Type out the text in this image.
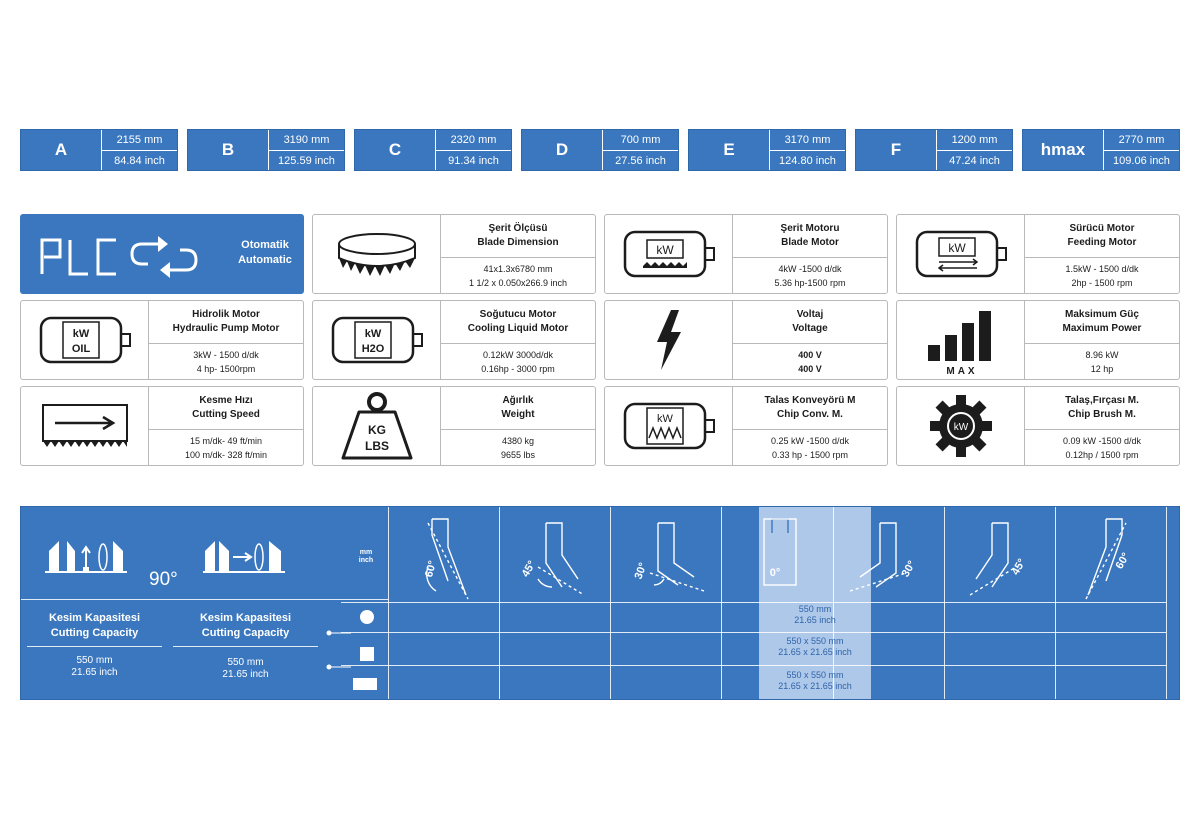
A	2155 mm
84.84 inch
B	3190 mm
125.59 inch
C	2320 mm
91.34 inch
D	700 mm
27.56 inch
E	3170 mm
124.80 inch
F	1200 mm
47.24 inch
hmax	2770 mm
109.06 inch
Otomatik
Automatic
Şerit Ölçüsü
Blade Dimension
41x1.3x6780 mm
1 1/2 x 0.050x266.9 inch
kW
Şerit Motoru
Blade Motor
4kW -1500 d/dk
5.36 hp-1500 rpm
kW
Sürücü Motor
Feeding Motor
1.5kW - 1500 d/dk
2hp - 1500 rpm
kW
OIL
Hidrolik Motor
Hydraulic Pump Motor
3kW - 1500 d/dk
4 hp- 1500rpm
kW
H2O
Soğutucu Motor
Cooling Liquid Motor
0.12kW 3000d/dk
0.16hp - 3000 rpm
Voltaj
Voltage
400 V
400 V	MAX
Maksimum Güç
Maximum Power
8.96 kW
12 hp
Kesme Hızı
Cutting Speed
15 m/dk- 49 ft/min
100 m/dk- 328 ft/min
KG
LBS
Ağırlık
Weight
4380 kg
9655 lbs
kW
Talas Konveyörü M
Chip Conv. M.
0.25 kW -1500 d/dk
0.33 hp - 1500 rpm
kW
Talaş,Fırçası M.
Chip Brush M.
0.09 kW -1500 d/dk
0.12hp / 1500 rpm
90°
mm
inch
Kesim Kapasitesi
Cutting Capacity
550 mm
21.65 inch
Kesim Kapasitesi
Cutting Capacity
550 mm
21.65 inch
60°	45°	30°	0°	30°	45°	60°
550 mm
21.65 inch
550 x 550 mm
21.65 x 21.65 inch
550 x 550 mm
21.65 x 21.65 inch
